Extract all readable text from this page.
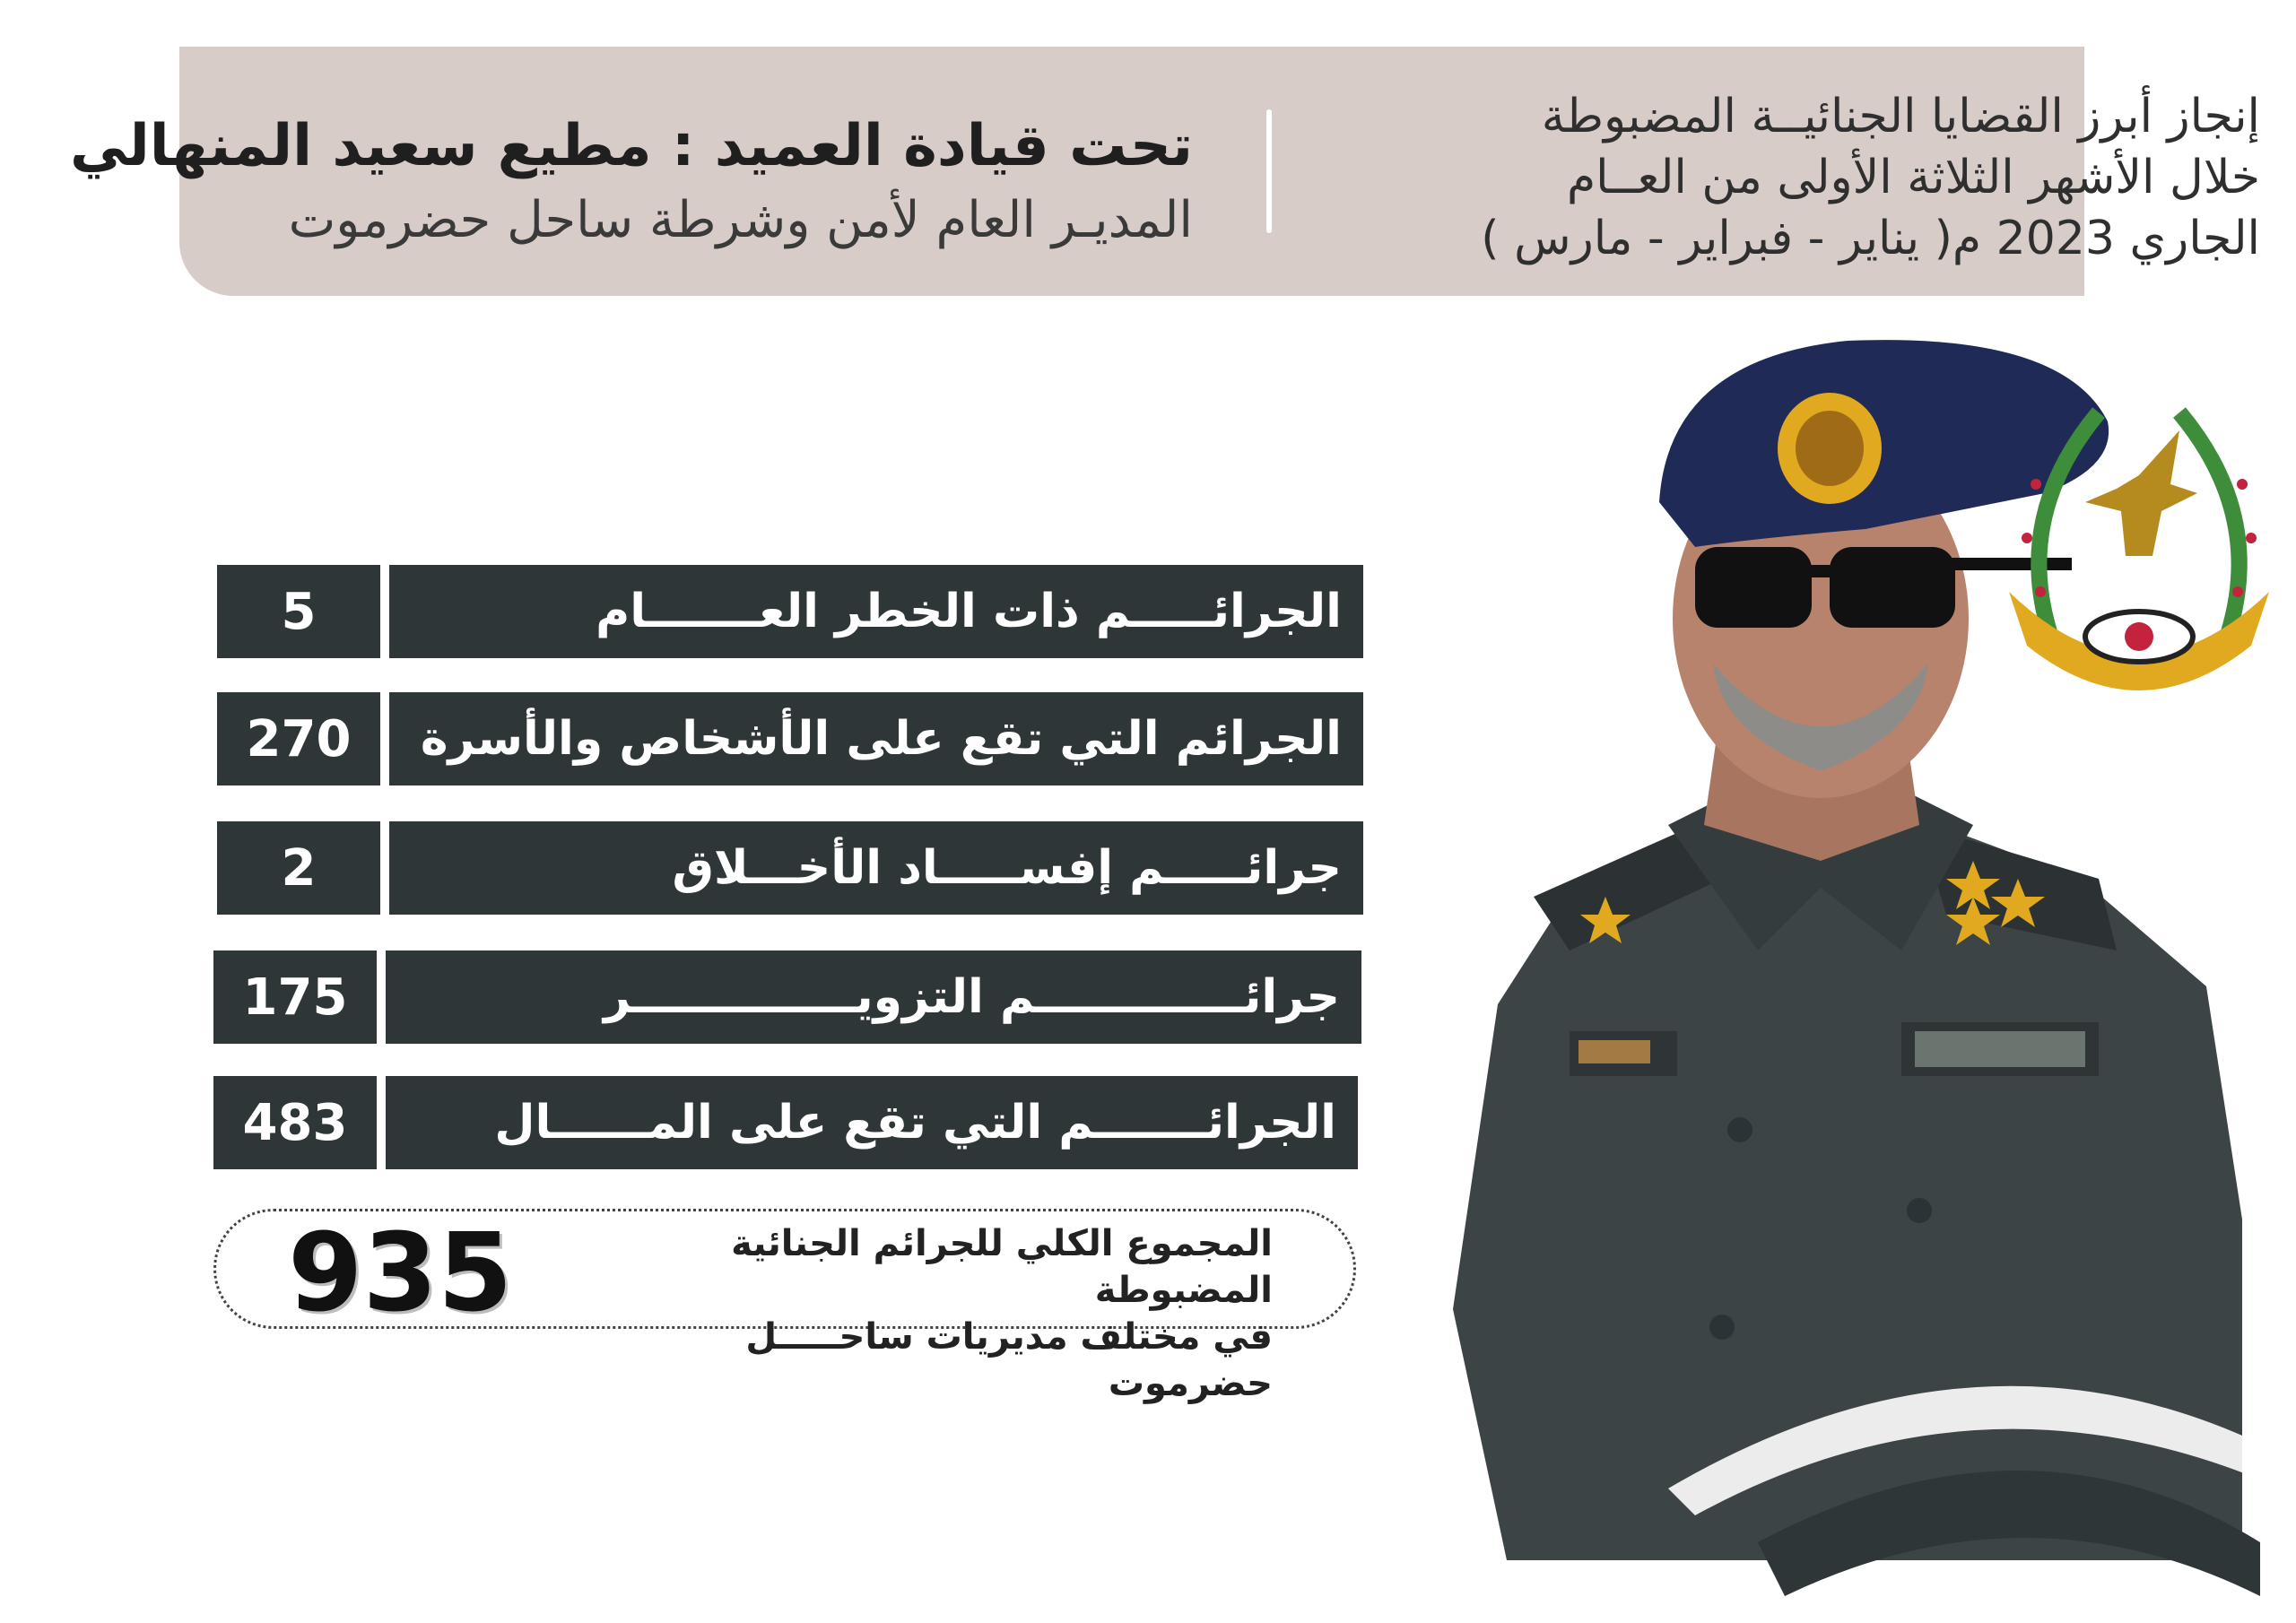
إنجاز أبرز القضايا الجنائيــة المضبوطة
خلال الأشهر الثلاثة الأولى من العــام
الجاري 2023 م( يناير - فبراير - مارس )
تحت قيادة العميد : مطيع سعيد المنهالي
المديـر العام لأمن وشرطة ساحل حضرموت
5	الجرائـــــم ذات الخطر العـــــــام
270	الجرائم التي تقع على الأشخاص والأسرة
2	جرائـــــم إفســـــاد الأخـــلاق
175	جرائـــــــــــــم التزويــــــــــــــر
483	الجرائـــــــم التي تقع على المــــــال
935	المجموع الكلي للجرائم الجنائية المضبوطة
في مختلف مديريات ساحـــــل حضرموت
